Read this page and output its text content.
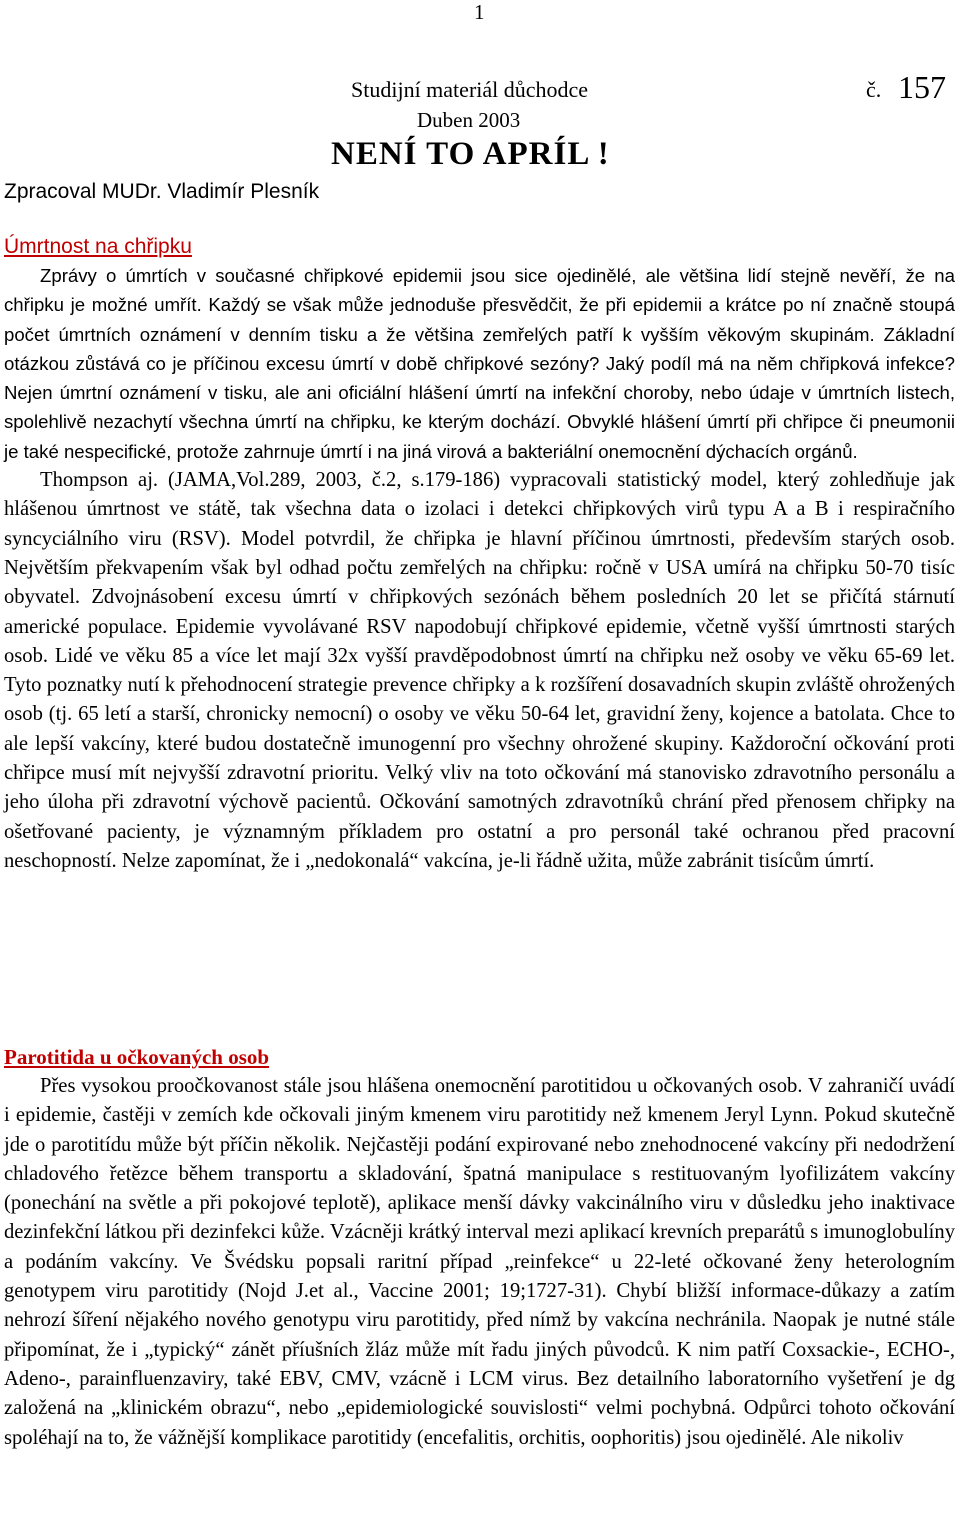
1
Studijní materiál důchodce	č. 157
Duben 2003
NENÍ TO APRÍL !
Zpracoval MUDr. Vladimír Plesník
Úmrtnost na chřipku

Zprávy o úmrtích v současné chřipkové epidemii jsou sice ojedinělé, ale většina lidí stejně nevěří, že na chřipku je možné umřít. Každý se však může jednoduše přesvědčit, že při epidemii a krátce po ní značně stoupá počet úmrtních oznámení v denním tisku a že většina zemřelých patří k vyšším věkovým skupinám. Základní otázkou zůstává co je příčinou excesu úmrtí v době chřipkové sezóny? Jaký podíl má na něm chřipková infekce? Nejen úmrtní oznámení v tisku, ale ani oficiální hlášení úmrtí na infekční choroby, nebo údaje v úmrtních listech, spolehlivě nezachytí všechna úmrtí na chřipku, ke kterým dochází. Obvyklé hlášení úmrtí při chřipce či pneumonii je také nespecifické, protože zahrnuje úmrtí i na jiná virová a bakteriální onemocnění dýchacích orgánů.

Thompson aj. (JAMA,Vol.289, 2003, č.2, s.179-186) vypracovali statistický model, který zohledňuje jak hlášenou úmrtnost ve státě, tak všechna data o izolaci i detekci chřipkových virů typu A a B i respiračního syncyciálního viru (RSV). Model potvrdil, že chřipka je hlavní příčinou úmrtnosti, především starých osob. Největším překvapením však byl odhad počtu zemřelých na chřipku: ročně v USA umírá na chřipku 50-70 tisíc obyvatel. Zdvojnásobení excesu úmrtí v chřipkových sezónách během posledních 20 let se přičítá stárnutí americké populace. Epidemie vyvolávané RSV napodobují chřipkové epidemie, včetně vyšší úmrtnosti starých osob. Lidé ve věku 85 a více let mají 32x vyšší pravděpodobnost úmrtí na chřipku než osoby ve věku 65-69 let. Tyto poznatky nutí k přehodnocení strategie prevence chřipky a k rozšíření dosavadních skupin zvláště ohrožených osob (tj. 65 letí a starší, chronicky nemocní) o osoby ve věku 50-64 let, gravidní ženy, kojence a batolata. Chce to ale lepší vakcíny, které budou dostatečně imunogenní pro všechny ohrožené skupiny. Každoroční očkování proti chřipce musí mít nejvyšší zdravotní prioritu. Velký vliv na toto očkování má stanovisko zdravotního personálu a jeho úloha při zdravotní výchově pacientů. Očkování samotných zdravotníků chrání před přenosem chřipky na ošetřované pacienty, je významným příkladem pro ostatní a pro personál také ochranou před pracovní neschopností. Nelze zapomínat, že i „nedokonalá“ vakcína, je-li řádně užita, může zabránit tisícům úmrtí.

Parotitida u očkovaných osob

Přes vysokou proočkovanost stále jsou hlášena onemocnění parotitidou u očkovaných osob. V zahraničí uvádí i epidemie, častěji v zemích kde očkovali jiným kmenem viru parotitidy než kmenem Jeryl Lynn. Pokud skutečně jde o parotitídu může být příčin několik. Nejčastěji podání expirované nebo znehodnocené vakcíny při nedodržení chladového řetězce během transportu a skladování, špatná manipulace s restituovaným lyofilizátem vakcíny (ponechání na světle a při pokojové teplotě), aplikace menší dávky vakcinálního viru v důsledku jeho inaktivace dezinfekční látkou při dezinfekci kůže. Vzácněji krátký interval mezi aplikací krevních preparátů s imunoglobulíny a podáním vakcíny. Ve Švédsku popsali raritní případ „reinfekce“ u 22-leté očkované ženy heterologním genotypem viru parotitidy (Nojd J.et al., Vaccine 2001; 19;1727-31). Chybí bližší informace-důkazy a zatím nehrozí šíření nějakého nového genotypu viru parotitidy, před nímž by vakcína nechránila. Naopak je nutné stále připomínat, že i „typický“ zánět příušních žláz může mít řadu jiných původců. K nim patří Coxsackie-, ECHO-, Adeno-, parainfluenzaviry, také EBV, CMV, vzácně i LCM virus. Bez detailního laboratorního vyšetření je dg založená na „klinickém obrazu“, nebo „epidemiologické souvislosti“ velmi pochybná. Odpůrci tohoto očkování spoléhají na to, že vážnější komplikace parotitidy (encefalitis, orchitis, oophoritis) jsou ojedinělé. Ale nikoliv
